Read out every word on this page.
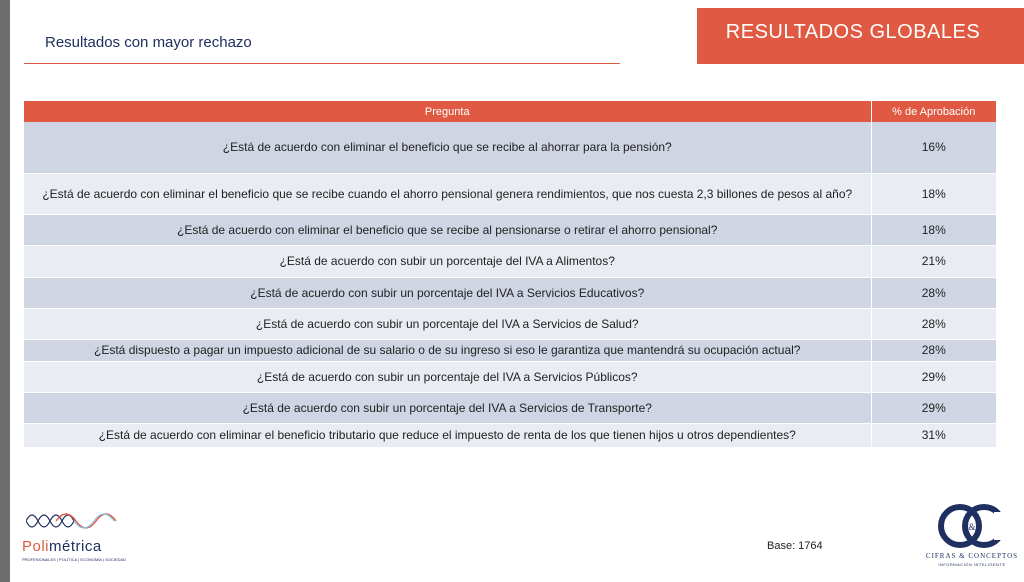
Resultados con mayor rechazo	RESULTADOS GLOBALES
Pregunta	% de Aprobación
¿Está de acuerdo con eliminar el beneficio que se recibe al ahorrar para la pensión?	16%
¿Está de acuerdo con eliminar el beneficio que se recibe cuando el ahorro pensional genera rendimientos, que nos cuesta 2,3 billones de pesos al año?	18%
¿Está de acuerdo con eliminar el beneficio que se recibe al pensionarse o retirar el ahorro pensional?	18%
¿Está de acuerdo con subir un porcentaje del IVA a Alimentos?	21%
¿Está de acuerdo con subir un porcentaje del IVA a Servicios Educativos?	28%
¿Está de acuerdo con subir un porcentaje del IVA a Servicios de Salud?	28%
¿Está dispuesto a pagar un impuesto adicional de su salario o de su ingreso si eso le garantiza que mantendrá su ocupación actual?	28%
¿Está de acuerdo con subir un porcentaje del IVA a Servicios Públicos?	29%
¿Está de acuerdo con subir un porcentaje del IVA a Servicios de Transporte?	29%
¿Está de acuerdo con eliminar el beneficio tributario que reduce el impuesto de renta de los que tienen hijos u otros dependientes?	31%
Polimétrica
PROFESIONALES | POLÍTICA | ECONOMÍA | SOCIEDAD
Base: 1764
&
CIFRAS & CONCEPTOS
INFORMACIÓN INTELIGENTE
